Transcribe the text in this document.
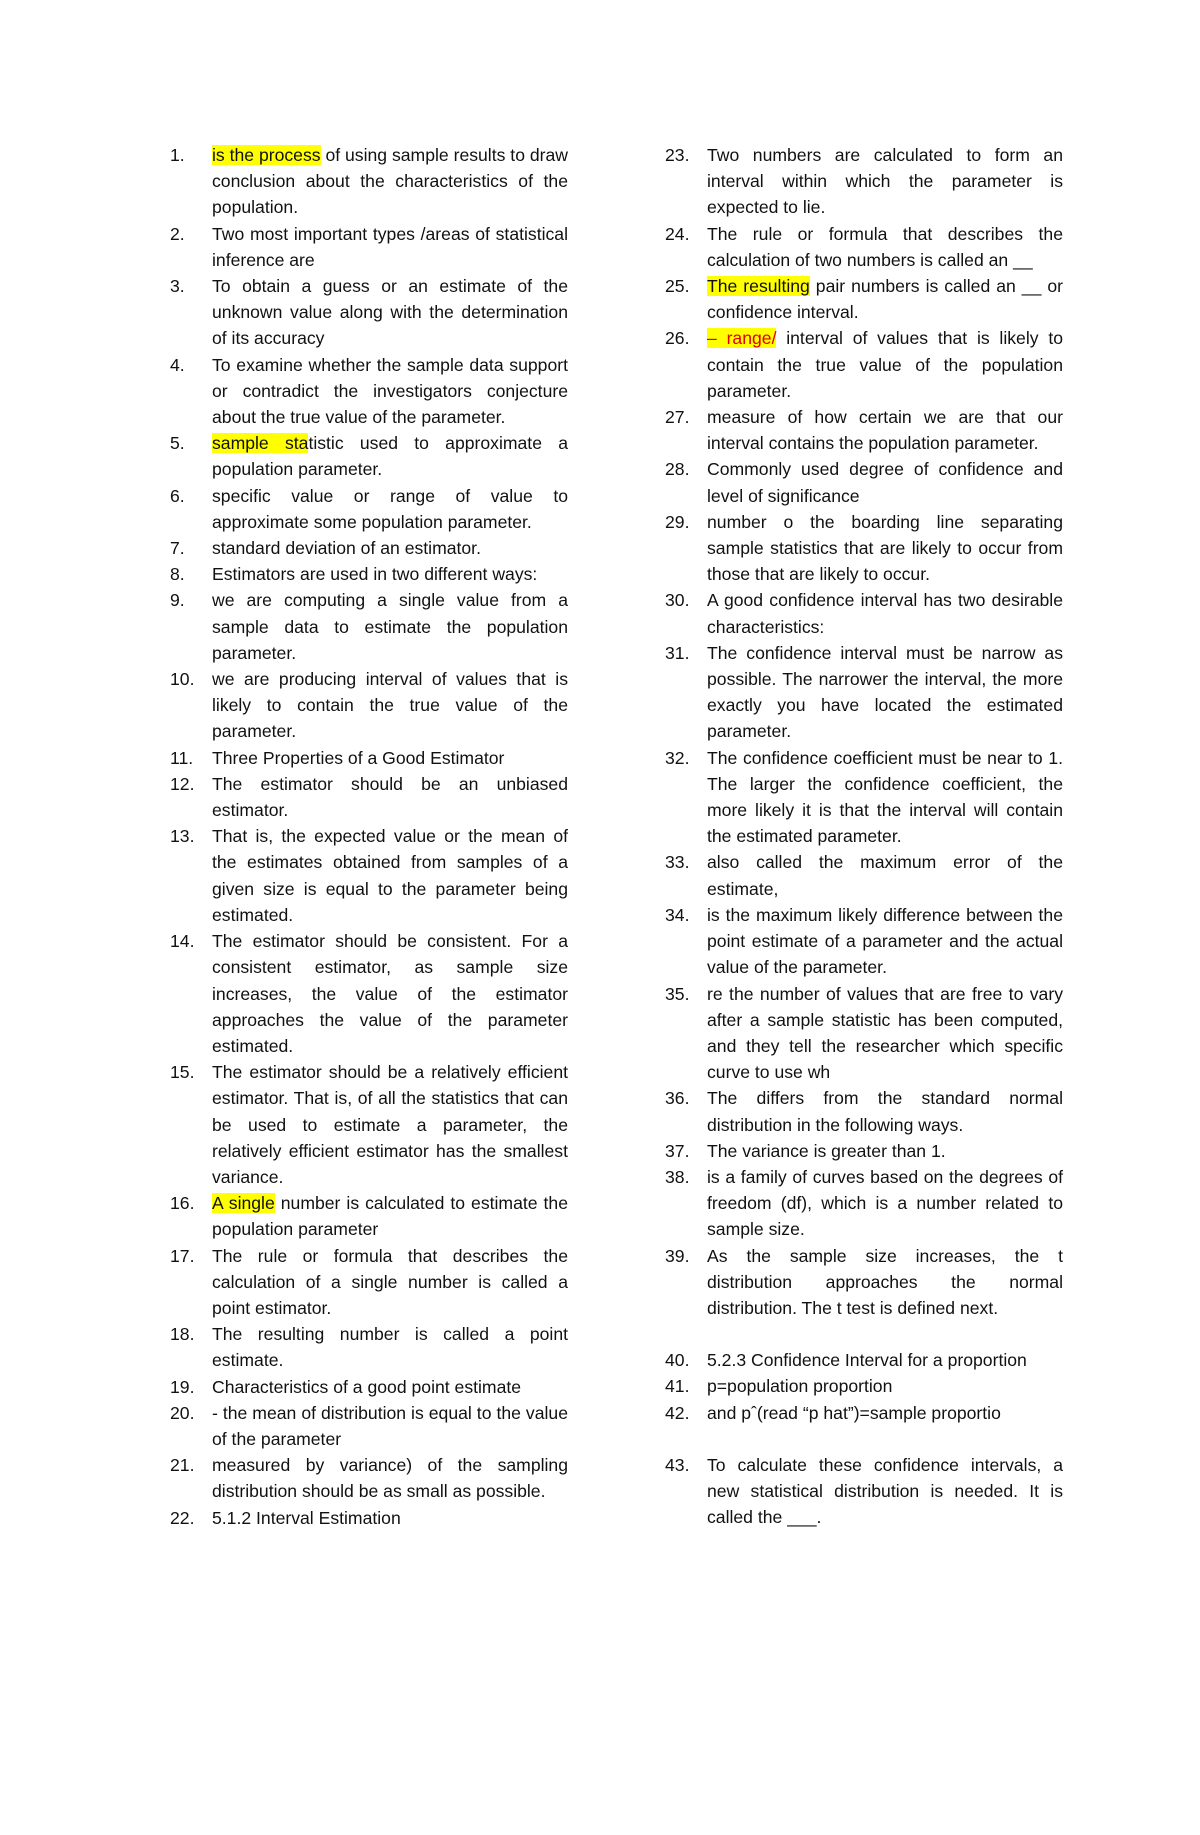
1.	is the process of using sample results to draw conclusion about the characteristics of the population.
2.	Two most important types /areas of statistical inference are
3.	To obtain a guess or an estimate of the unknown value along with the determination of its accuracy
4.	To examine whether the sample data support or contradict the investigators conjecture about the true value of the parameter.
5.	sample statistic used to approximate a population parameter.
6.	specific value or range of value to approximate some population parameter.
7.	standard deviation of an estimator.
8.	Estimators are used in two different ways:
9.	we are computing a single value from a sample data to estimate the population parameter.
10. we are producing interval of values that is likely to contain the true value of the parameter.
11.	Three Properties of a Good Estimator
12. The estimator should be an unbiased estimator.
13. That is, the expected value or the mean of the estimates obtained from samples of a given size is equal to the parameter being estimated.
14. The estimator should be consistent. For a consistent estimator, as sample size increases, the value of the estimator approaches the value of the parameter estimated.
15. The estimator should be a relatively efficient estimator. That is, of all the statistics that can be used to estimate a parameter, the relatively efficient estimator has the smallest variance.
16. A single number is calculated to estimate the population parameter
17. The rule or formula that describes the calculation of a single number is called a point estimator.
18. The resulting number is called a point estimate.
19. Characteristics of a good point estimate
20. - the mean of distribution is equal to the value of the parameter
21. measured by variance) of the sampling distribution should be as small as possible.
22. 5.1.2 Interval Estimation
23. Two numbers are calculated to form an interval within which the parameter is expected to lie.
24. The rule or formula that describes the calculation of two numbers is called an __
25. The resulting pair numbers is called an __ or confidence interval.
26. – range/ interval of values that is likely to contain the true value of the population parameter.
27. measure of how certain we are that our interval contains the population parameter.
28. Commonly used degree of confidence and level of significance
29. number o the boarding line separating sample statistics that are likely to occur from those that are likely to occur.
30. A good confidence interval has two desirable characteristics:
31. The confidence interval must be narrow as possible. The narrower the interval, the more exactly you have located the estimated parameter.
32. The confidence coefficient must be near to 1. The larger the confidence coefficient, the more likely it is that the interval will contain the estimated parameter.
33. also called the maximum error of the estimate,
34. is the maximum likely difference between the point estimate of a parameter and the actual value of the parameter.
35. re the number of values that are free to vary after a sample statistic has been computed, and they tell the researcher which specific curve to use wh
36. The differs from the standard normal distribution in the following ways.
37. The variance is greater than 1.
38. is a family of curves based on the degrees of freedom (df), which is a number related to sample size.
39. As the sample size increases, the t distribution approaches the normal distribution. The t test is defined next.
40. 5.2.3 Confidence Interval for a proportion
41. p=population proportion
42. and pˆ(read “p hat”)=sample proportio
43. To calculate these confidence intervals, a new statistical distribution is needed. It is called the ___.
